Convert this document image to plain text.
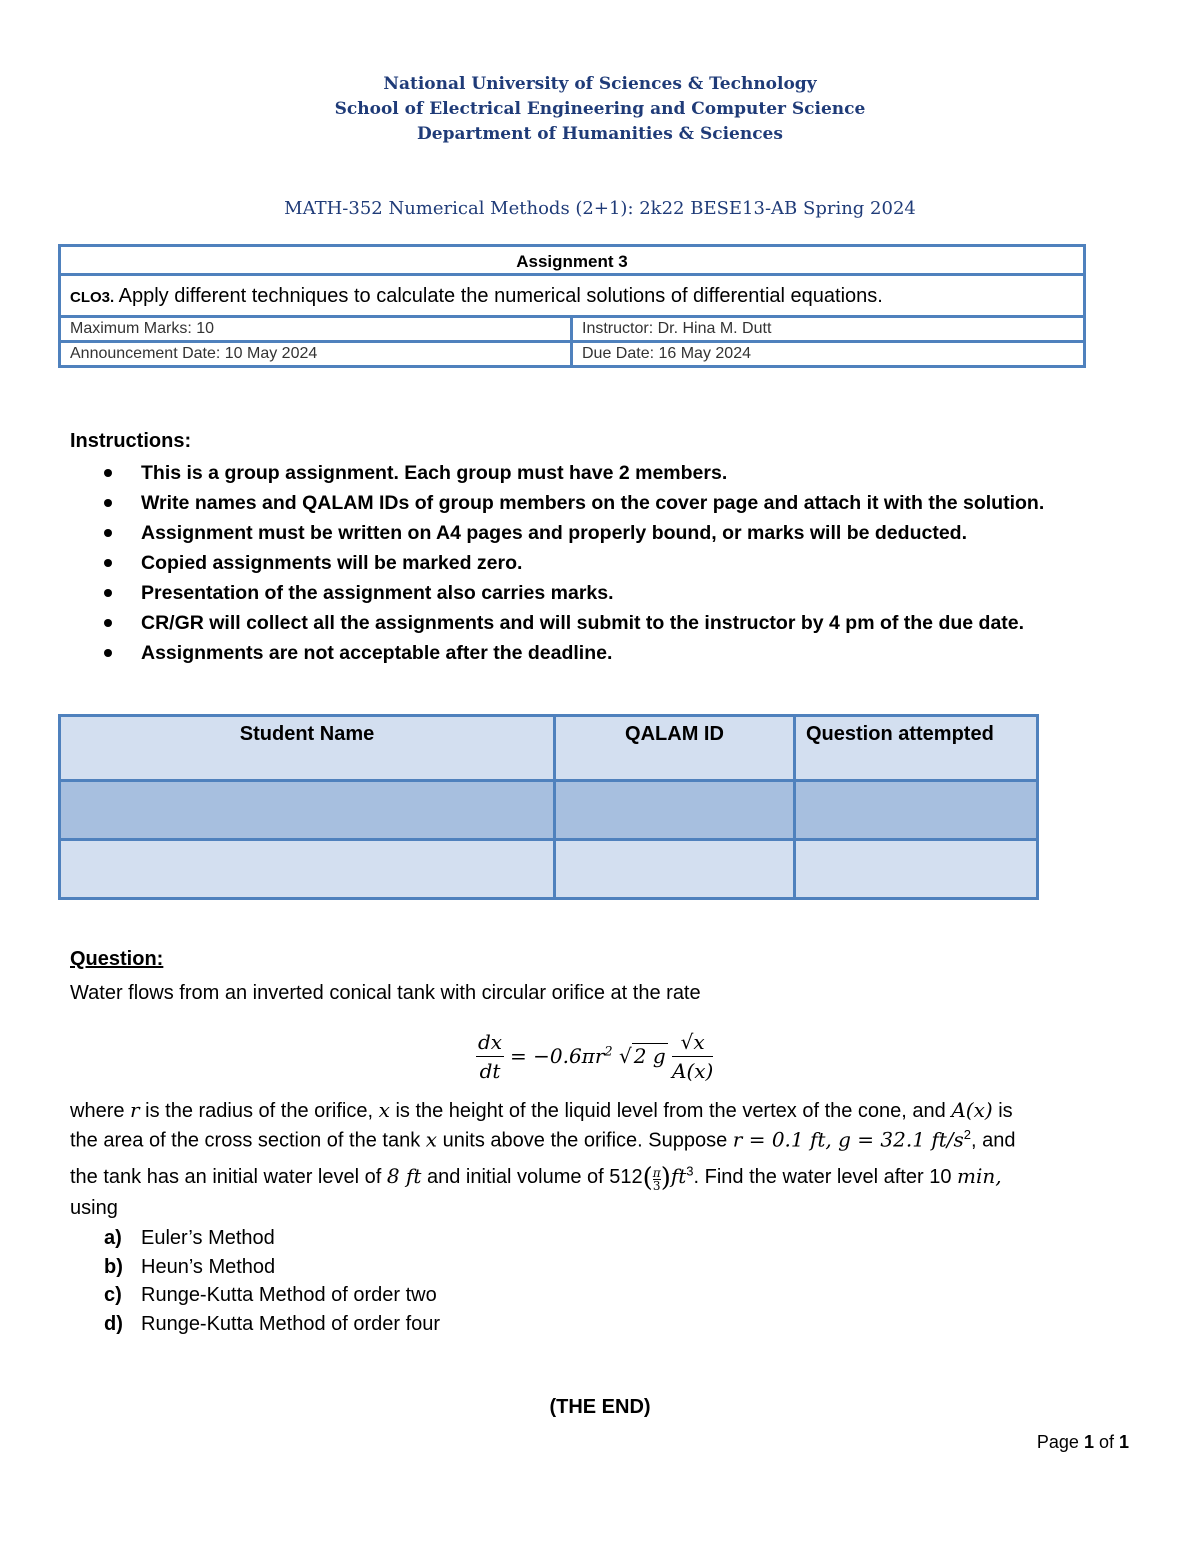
National University of Sciences & Technology
School of Electrical Engineering and Computer Science
Department of Humanities & Sciences
MATH-352 Numerical Methods (2+1): 2k22 BESE13-AB Spring 2024
Assignment 3
CLO3. Apply different techniques to calculate the numerical solutions of differential equations.
Maximum Marks: 10	Instructor: Dr. Hina M. Dutt
Announcement Date: 10 May 2024	Due Date: 16 May 2024
Instructions:
This is a group assignment. Each group must have 2 members.
Write names and QALAM IDs of group members on the cover page and attach it with the solution.
Assignment must be written on A4 pages and properly bound, or marks will be deducted.
Copied assignments will be marked zero.
Presentation of the assignment also carries marks.
CR/GR will collect all the assignments and will submit to the instructor by 4 pm of the due date.
Assignments are not acceptable after the deadline.
Student Name	QALAM ID	Question attempted

Question:
Water flows from an inverted conical tank with circular orifice at the rate
$\frac{dx}{dt} = -0.6\pi r^2$ √ 2 g $\frac{√x}{A(x)}$
where r is the radius of the orifice, x is the height of the liquid level from the vertex of the cone, and A(x) is
the area of the cross section of the tank x units above the orifice. Suppose r = 0.1 ft, g = 32.1 $ft/s^2$, and
the tank has an initial water level of 8 ft and initial volume of $512( \frac{\pi}{3} )ft^3$. Find the water level after 10 min,
using
a) Euler’s Method
b) Heun’s Method
c) Runge-Kutta Method of order two
d) Runge-Kutta Method of order four
(THE END)
Page 1 of 1
